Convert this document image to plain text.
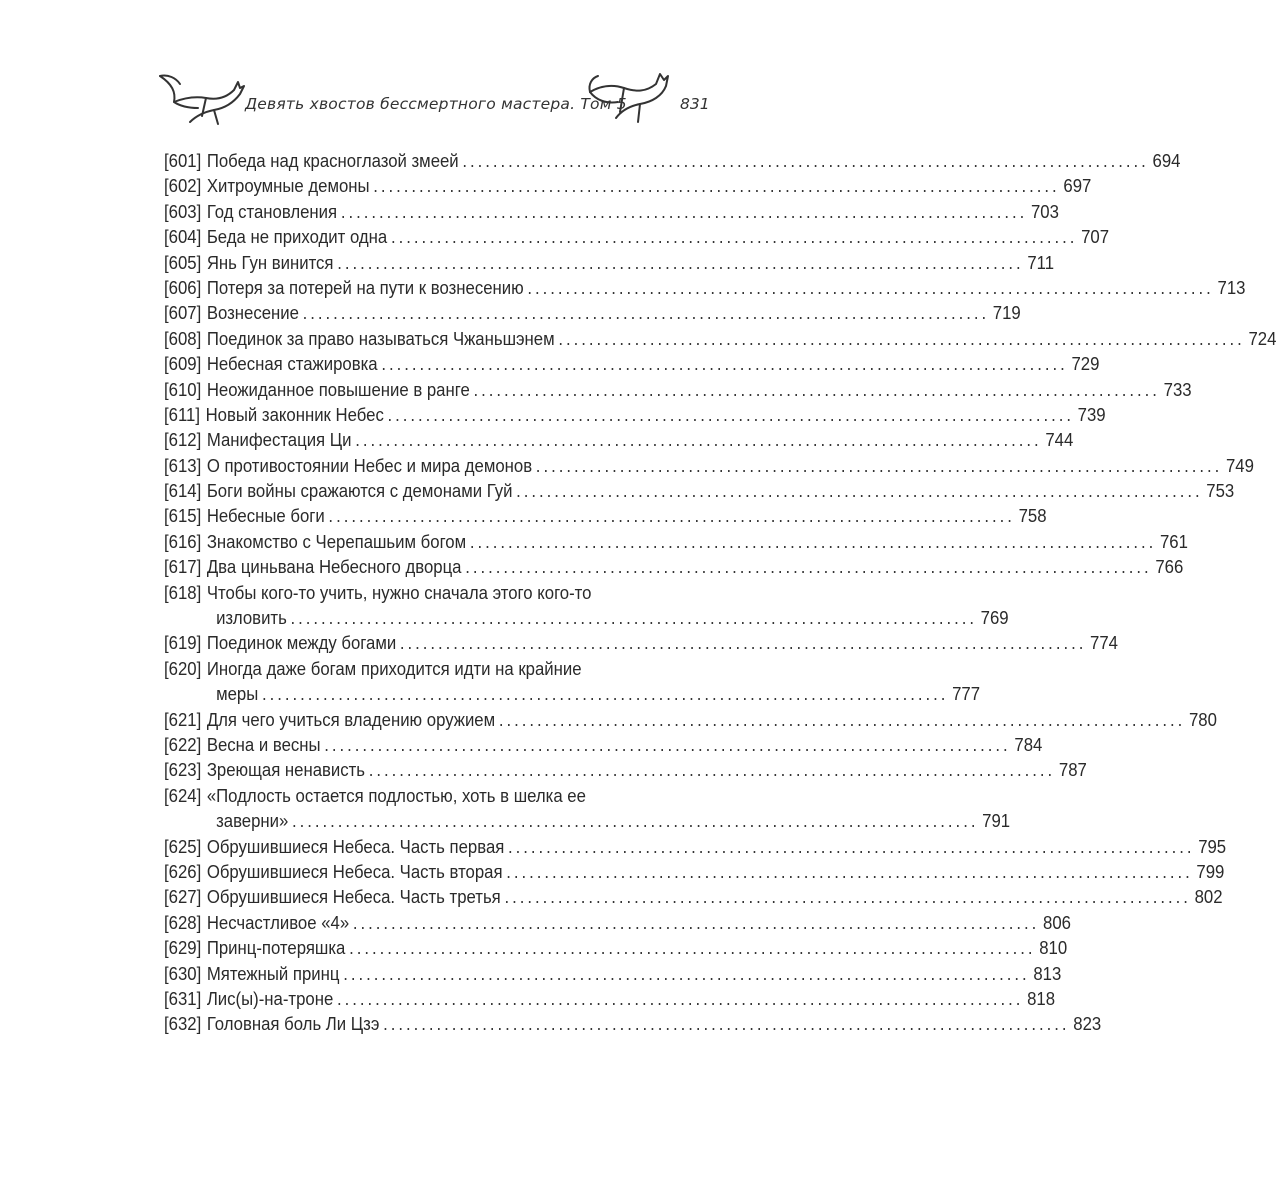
Девять хвостов бессмертного мастера. Том 5	831
[601] Победа над красноглазой змеей .......................................................................................... 694
[602] Хитроумные демоны .......................................................................................... 697
[603] Год становления .......................................................................................... 703
[604] Беда не приходит одна .......................................................................................... 707
[605] Янь Гун винится .......................................................................................... 711
[606] Потеря за потерей на пути к вознесению .......................................................................................... 713
[607] Вознесение .......................................................................................... 719
[608] Поединок за право называться Чжаньшэнем .......................................................................................... 724
[609] Небесная стажировка .......................................................................................... 729
[610] Неожиданное повышение в ранге .......................................................................................... 733
[611] Новый законник Небес .......................................................................................... 739
[612] Манифестация Ци .......................................................................................... 744
[613] О противостоянии Небес и мира демонов .......................................................................................... 749
[614] Боги войны сражаются с демонами Гуй .......................................................................................... 753
[615] Небесные боги .......................................................................................... 758
[616] Знакомство с Черепашьим богом .......................................................................................... 761
[617] Два циньвана Небесного дворца .......................................................................................... 766
[618] Чтобы кого-то учить, нужно сначала этого кого-то
изловить .......................................................................................... 769
[619] Поединок между богами .......................................................................................... 774
[620] Иногда даже богам приходится идти на крайние
меры .......................................................................................... 777
[621] Для чего учиться владению оружием .......................................................................................... 780
[622] Весна и весны .......................................................................................... 784
[623] Зреющая ненависть .......................................................................................... 787
[624] «Подлость остается подлостью, хоть в шелка ее
заверни» .......................................................................................... 791
[625] Обрушившиеся Небеса. Часть первая .......................................................................................... 795
[626] Обрушившиеся Небеса. Часть вторая .......................................................................................... 799
[627] Обрушившиеся Небеса. Часть третья .......................................................................................... 802
[628] Несчастливое «4» .......................................................................................... 806
[629] Принц-потеряшка .......................................................................................... 810
[630] Мятежный принц .......................................................................................... 813
[631] Лис(ы)-на-троне .......................................................................................... 818
[632] Головная боль Ли Цзэ .......................................................................................... 823
